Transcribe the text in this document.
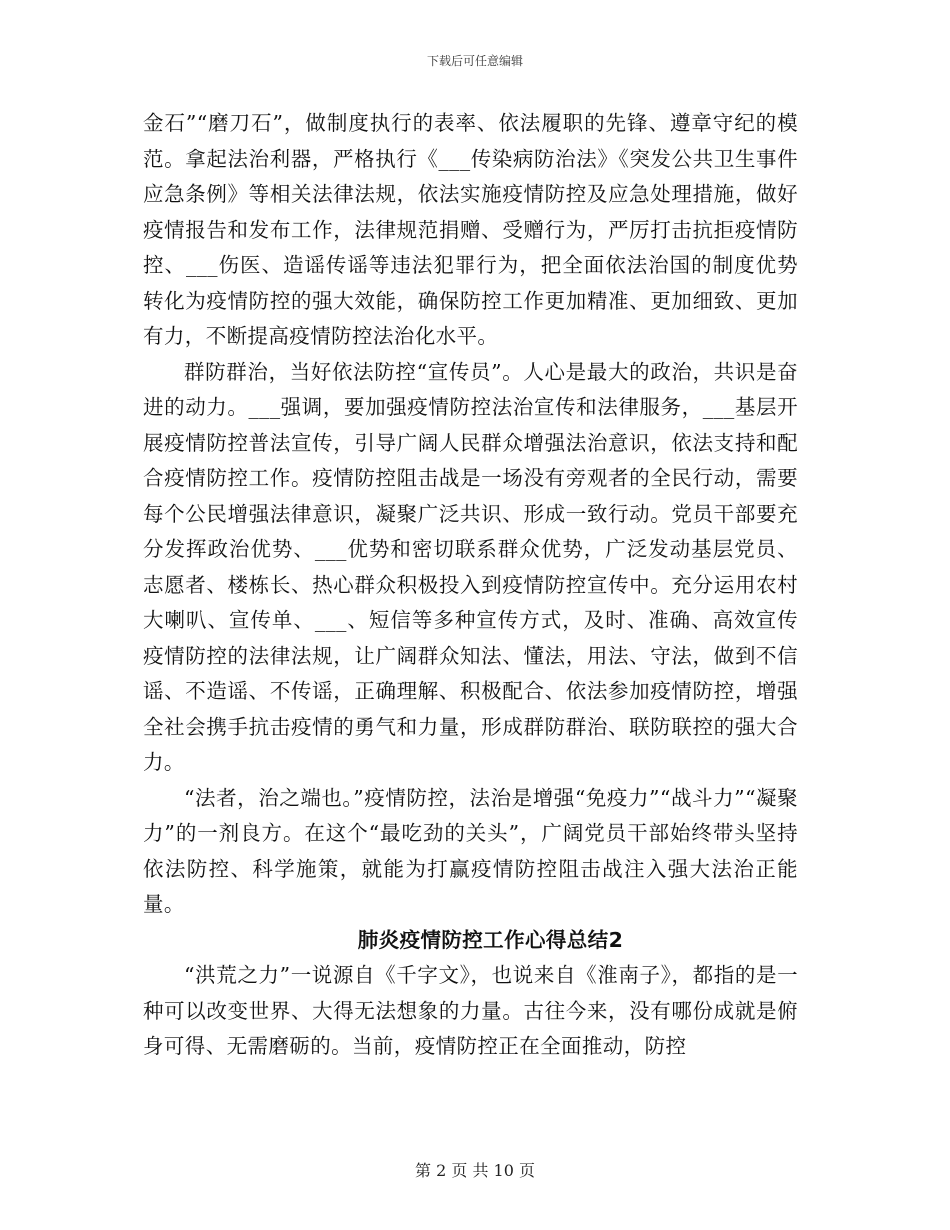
下载后可任意编辑

金石”“磨刀石”，做制度执行的表率、依法履职的先锋、遵章守纪的模范。拿起法治利器，严格执行《___传染病防治法》《突发公共卫生事件应急条例》等相关法律法规，依法实施疫情防控及应急处理措施，做好疫情报告和发布工作，法律规范捐赠、受赠行为，严厉打击抗拒疫情防控、___伤医、造谣传谣等违法犯罪行为，把全面依法治国的制度优势转化为疫情防控的强大效能，确保防控工作更加精准、更加细致、更加有力，不断提高疫情防控法治化水平。

群防群治，当好依法防控“宣传员”。人心是最大的政治，共识是奋进的动力。___强调，要加强疫情防控法治宣传和法律服务，___基层开展疫情防控普法宣传，引导广阔人民群众增强法治意识，依法支持和配合疫情防控工作。疫情防控阻击战是一场没有旁观者的全民行动，需要每个公民增强法律意识，凝聚广泛共识、形成一致行动。党员干部要充分发挥政治优势、___优势和密切联系群众优势，广泛发动基层党员、志愿者、楼栋长、热心群众积极投入到疫情防控宣传中。充分运用农村大喇叭、宣传单、___、短信等多种宣传方式，及时、准确、高效宣传疫情防控的法律法规，让广阔群众知法、懂法，用法、守法，做到不信谣、不造谣、不传谣，正确理解、积极配合、依法参加疫情防控，增强全社会携手抗击疫情的勇气和力量，形成群防群治、联防联控的强大合力。

“法者，治之端也。”疫情防控，法治是增强“免疫力”“战斗力”“凝聚力”的一剂良方。在这个“最吃劲的关头”，广阔党员干部始终带头坚持依法防控、科学施策，就能为打赢疫情防控阻击战注入强大法治正能量。

肺炎疫情防控工作心得总结2

“洪荒之力”一说源自《千字文》，也说来自《淮南子》，都指的是一种可以改变世界、大得无法想象的力量。古往今来，没有哪份成就是俯身可得、无需磨砺的。当前，疫情防控正在全面推动，防控

第 2 页 共 10 页
